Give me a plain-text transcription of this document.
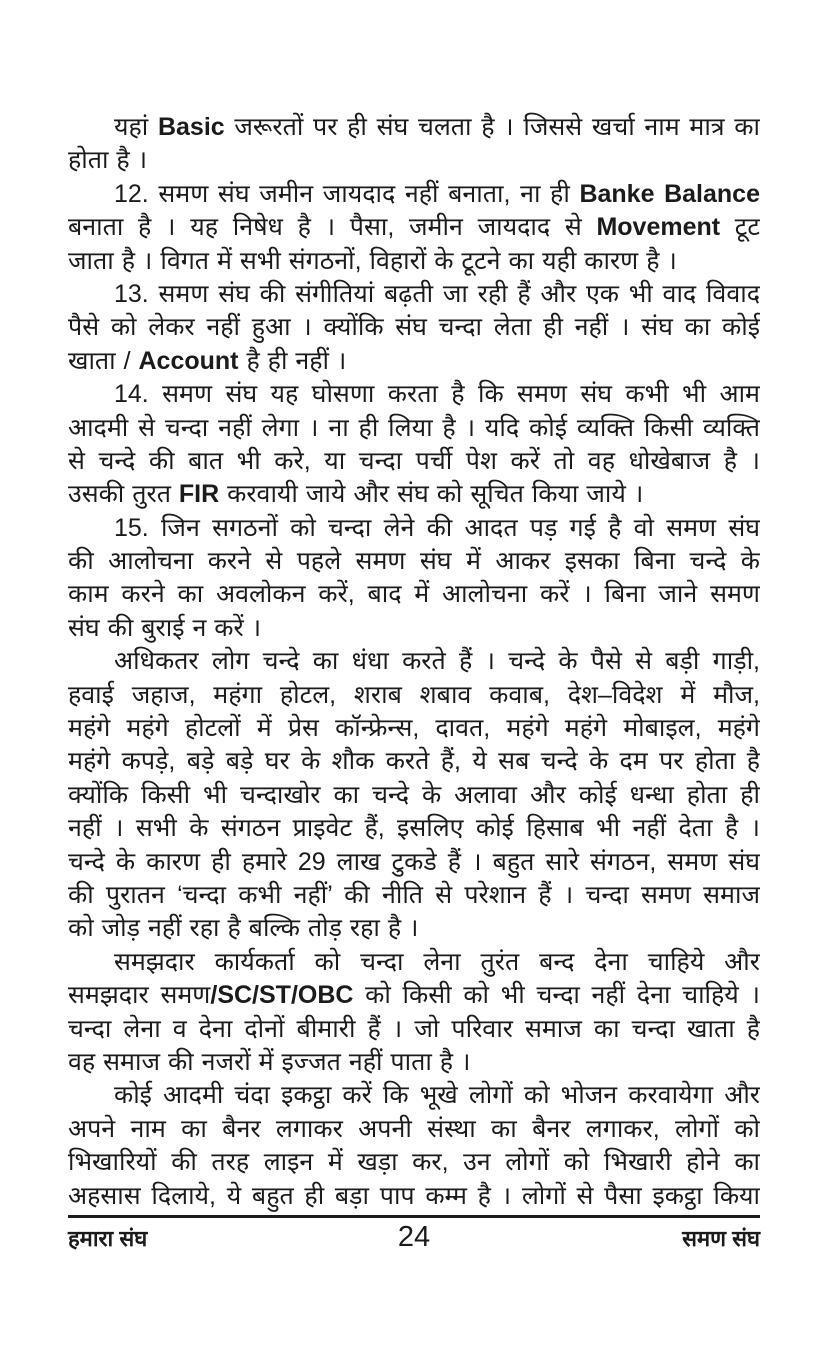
यहां Basic जरूरतों पर ही संघ चलता है । जिससे खर्चा नाम मात्र का
होता है ।
12. समण संघ जमीन जायदाद नहीं बनाता, ना ही Banke Balance
बनाता है । यह निषेध है । पैसा, जमीन जायदाद से Movement टूट
जाता है । विगत में सभी संगठनों, विहारों के टूटने का यही कारण है ।
13. समण संघ की संगीतियां बढ़ती जा रही हैं और एक भी वाद विवाद
पैसे को लेकर नहीं हुआ । क्योंकि संघ चन्दा लेता ही नहीं । संघ का कोई
खाता / Account है ही नहीं ।
14. समण संघ यह घोसणा करता है कि समण संघ कभी भी आम
आदमी से चन्दा नहीं लेगा । ना ही लिया है । यदि कोई व्यक्ति किसी व्यक्ति
से चन्दे की बात भी करे, या चन्दा पर्ची पेश करें तो वह धोखेबाज है ।
उसकी तुरत FIR करवायी जाये और संघ को सूचित किया जाये ।
15. जिन सगठनों को चन्दा लेने की आदत पड़ गई है वो समण संघ
की आलोचना करने से पहले समण संघ में आकर इसका बिना चन्दे के
काम करने का अवलोकन करें, बाद में आलोचना करें । बिना जाने समण
संघ की बुराई न करें ।
अधिकतर लोग चन्दे का धंधा करते हैं । चन्दे के पैसे से बड़ी गाड़ी,
हवाई जहाज, महंगा होटल, शराब शबाव कवाब, देश–विदेश में मौज,
महंगे महंगे होटलों में प्रेस कॉन्फ्रेन्स, दावत, महंगे महंगे मोबाइल, महंगे
महंगे कपड़े, बड़े बड़े घर के शौक करते हैं, ये सब चन्दे के दम पर होता है
क्योंकि किसी भी चन्दाखोर का चन्दे के अलावा और कोई धन्धा होता ही
नहीं । सभी के संगठन प्राइवेट हैं, इसलिए कोई हिसाब भी नहीं देता है ।
चन्दे के कारण ही हमारे 29 लाख टुकडे हैं । बहुत सारे संगठन, समण संघ
की पुरातन ‘चन्दा कभी नहीं’ की नीति से परेशान हैं । चन्दा समण समाज
को जोड़ नहीं रहा है बल्कि तोड़ रहा है ।
समझदार कार्यकर्ता को चन्दा लेना तुरंत बन्द देना चाहिये और
समझदार समण/SC/ST/OBC को किसी को भी चन्दा नहीं देना चाहिये ।
चन्दा लेना व देना दोनों बीमारी हैं । जो परिवार समाज का चन्दा खाता है
वह समाज की नजरों में इज्जत नहीं पाता है ।
कोई आदमी चंदा इकट्ठा करें कि भूखे लोगों को भोजन करवायेगा और
अपने नाम का बैनर लगाकर अपनी संस्था का बैनर लगाकर, लोगों को
भिखारियों की तरह लाइन में खड़ा कर, उन लोगों को भिखारी होने का
अहसास दिलाये, ये बहुत ही बड़ा पाप कम्म है । लोगों से पैसा इकट्ठा किया
हमारा संघ	24	समण संघ
